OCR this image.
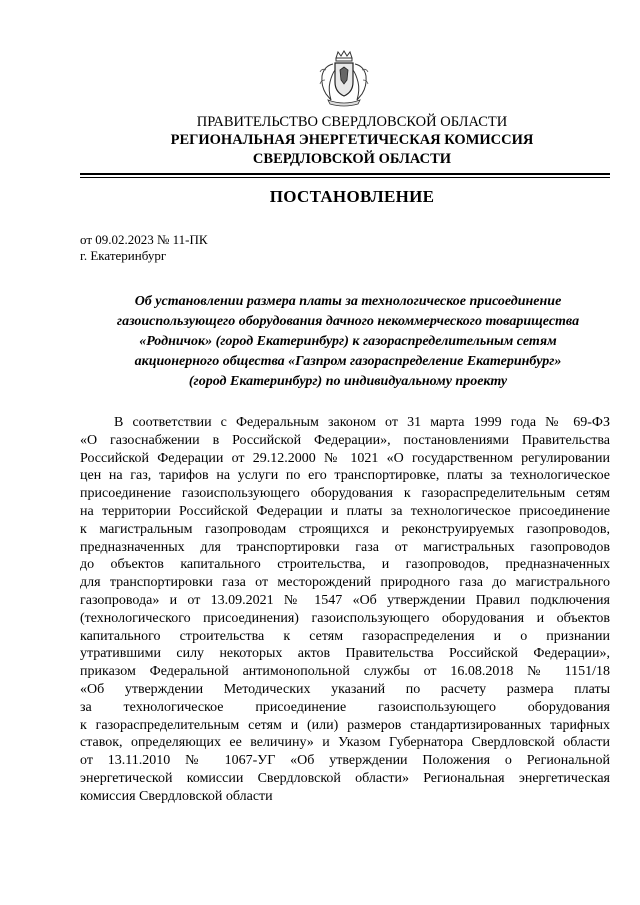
ПРАВИТЕЛЬСТВО СВЕРДЛОВСКОЙ ОБЛАСТИ
РЕГИОНАЛЬНАЯ ЭНЕРГЕТИЧЕСКАЯ КОМИССИЯ
СВЕРДЛОВСКОЙ ОБЛАСТИ
ПОСТАНОВЛЕНИЕ
от 09.02.2023 № 11-ПК
г. Екатеринбург
Об установлении размера платы за технологическое присоединение
газоиспользующего оборудования дачного некоммерческого товарищества
«Родничок» (город Екатеринбург) к газораспределительным сетям
акционерного общества «Газпром газораспределение Екатеринбург»
(город Екатеринбург) по индивидуальному проекту
В соответствии с Федеральным законом от 31 марта 1999 года № 69-ФЗ
«О газоснабжении в Российской Федерации», постановлениями Правительства
Российской Федерации от 29.12.2000 № 1021 «О государственном регулировании
цен на газ, тарифов на услуги по его транспортировке, платы за технологическое
присоединение газоиспользующего оборудования к газораспределительным сетям
на территории Российской Федерации и платы за технологическое присоединение
к магистральным газопроводам строящихся и реконструируемых газопроводов,
предназначенных для транспортировки газа от магистральных газопроводов
до объектов капитального строительства, и газопроводов, предназначенных
для транспортировки газа от месторождений природного газа до магистрального
газопровода» и от 13.09.2021 № 1547 «Об утверждении Правил подключения
(технологического присоединения) газоиспользующего оборудования и объектов
капитального строительства к сетям газораспределения и о признании
утратившими силу некоторых актов Правительства Российской Федерации»,
приказом Федеральной антимонопольной службы от 16.08.2018 № 1151/18
«Об утверждении Методических указаний по расчету размера платы
за технологическое присоединение газоиспользующего оборудования
к газораспределительным сетям и (или) размеров стандартизированных тарифных
ставок, определяющих ее величину» и Указом Губернатора Свердловской области
от 13.11.2010 № 1067-УГ «Об утверждении Положения о Региональной
энергетической комиссии Свердловской области» Региональная энергетическая
комиссия Свердловской области
